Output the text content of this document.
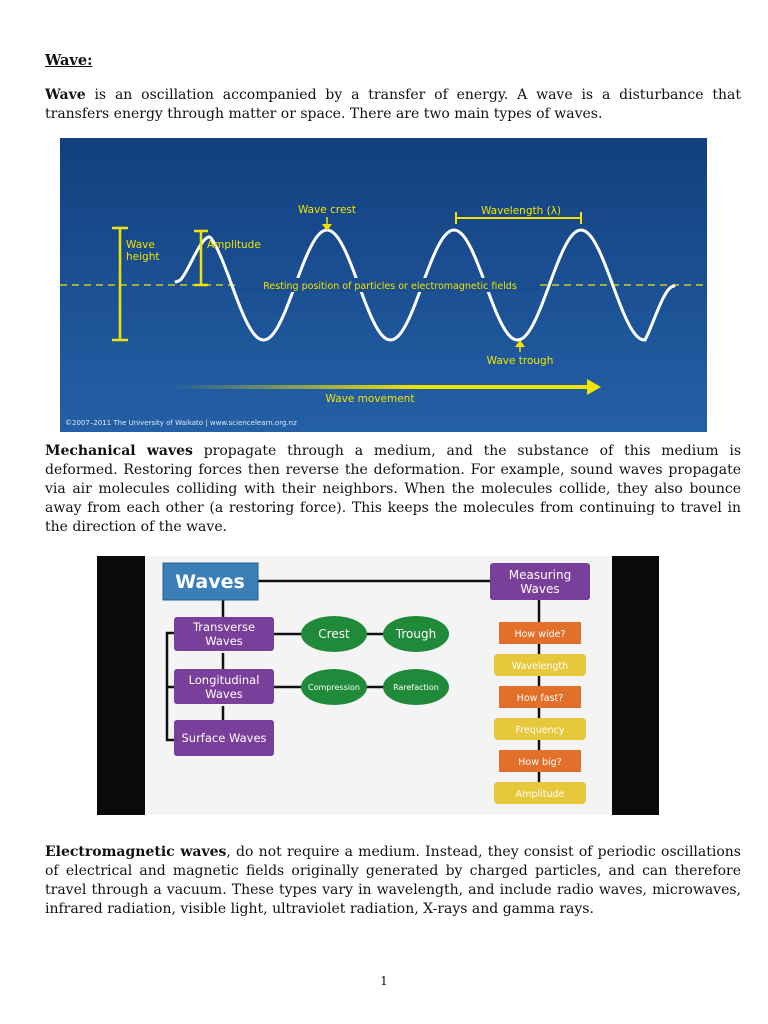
Wave:
Wave is an oscillation accompanied by a transfer of energy. A wave is a disturbance that transfers energy through matter or space. There are two main types of waves.
Wave
height
Amplitude
Wave crest	Wavelength (λ)
Resting position of particles or electromagnetic fields
Wave trough
Wave movement
©2007–2011 The University of Waikato | www.sciencelearn.org.nz
Mechanical waves propagate through a medium, and the substance of this medium is deformed. Restoring forces then reverse the deformation. For example, sound waves propagate via air molecules colliding with their neighbors. When the molecules collide, they also bounce away from each other (a restoring force). This keeps the molecules from continuing to travel in the direction of the wave.
Waves	Measuring
Waves
Transverse
Waves
Longitudinal
Waves
Surface Waves
Crest	Trough
Compression	Rarefaction
How wide?
Wavelength
How fast?
Frequency
How big?
Amplitude
Electromagnetic waves, do not require a medium. Instead, they consist of periodic oscillations of electrical and magnetic fields originally generated by charged particles, and can therefore travel through a vacuum. These types vary in wavelength, and include radio waves, microwaves, infrared radiation, visible light, ultraviolet radiation, X-rays and gamma rays.
1
